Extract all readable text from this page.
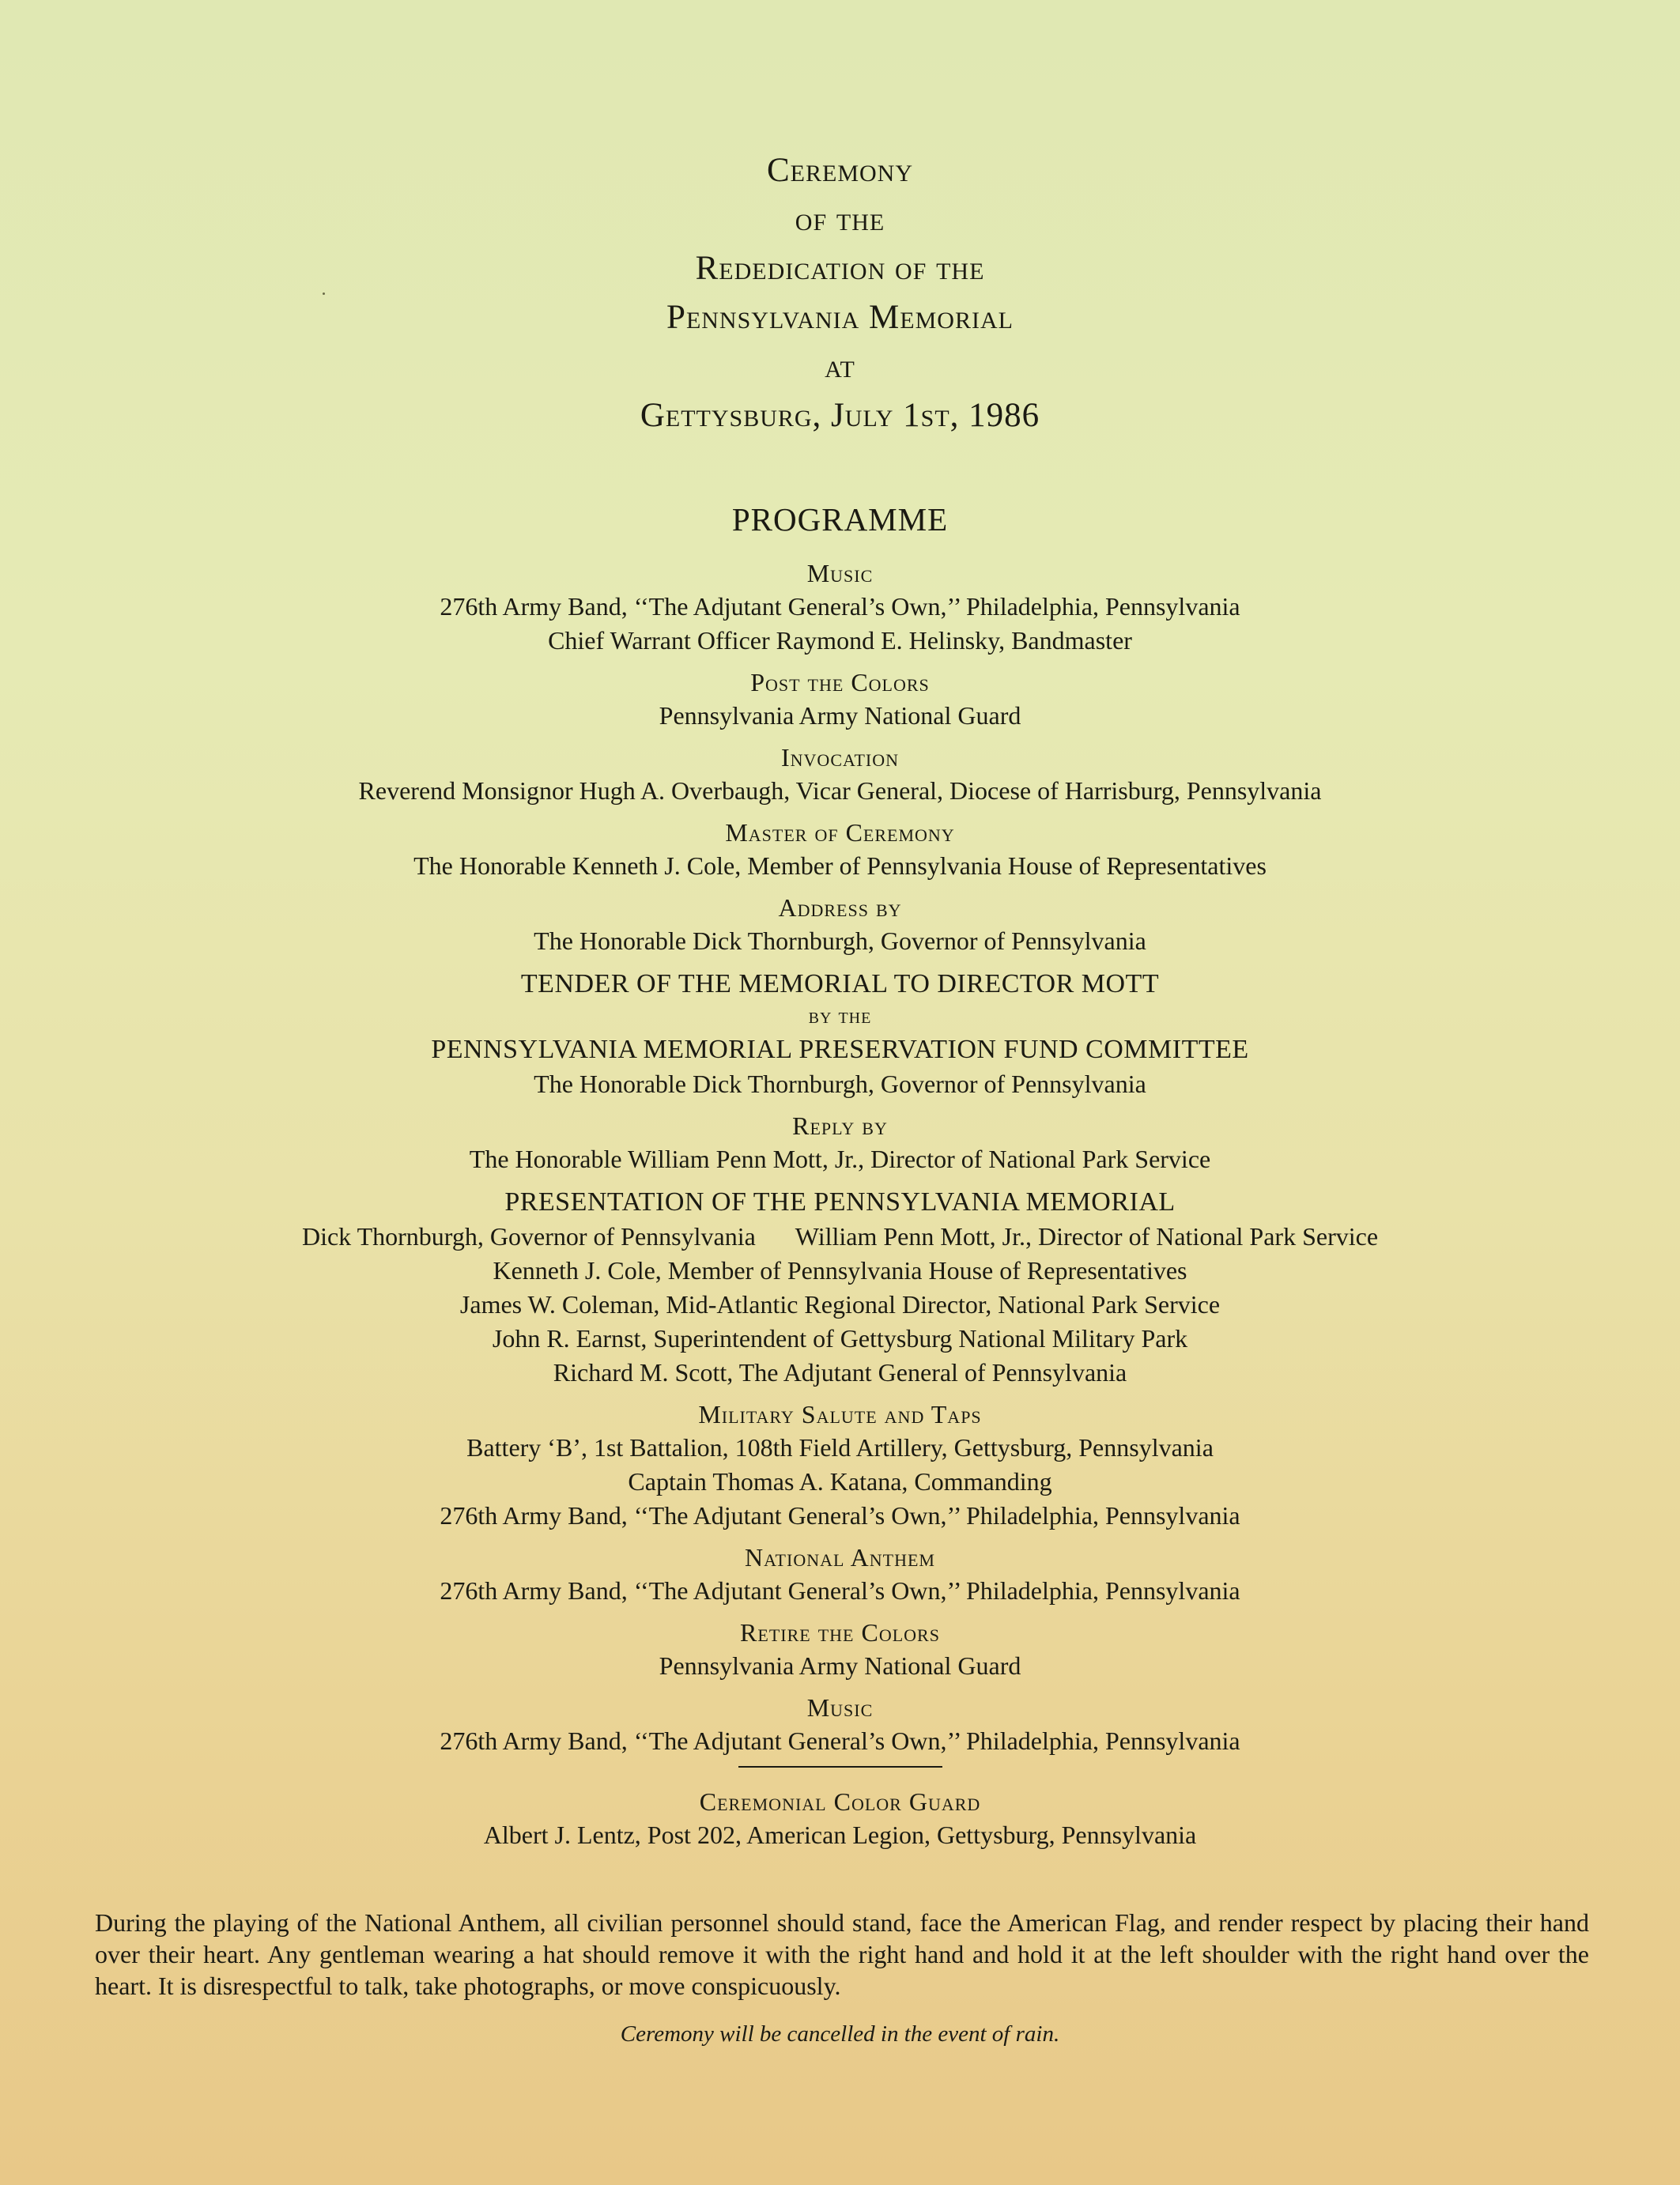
Ceremony
of the
Rededication of the
Pennsylvania Memorial
at
Gettysburg, July 1st, 1986
PROGRAMME
Music
276th Army Band, ‘‘The Adjutant General’s Own,’’ Philadelphia, Pennsylvania
Chief Warrant Officer Raymond E. Helinsky, Bandmaster
Post the Colors
Pennsylvania Army National Guard
Invocation
Reverend Monsignor Hugh A. Overbaugh, Vicar General, Diocese of Harrisburg, Pennsylvania
Master of Ceremony
The Honorable Kenneth J. Cole, Member of Pennsylvania House of Representatives
Address by
The Honorable Dick Thornburgh, Governor of Pennsylvania
TENDER OF THE MEMORIAL TO DIRECTOR MOTT
by the
PENNSYLVANIA MEMORIAL PRESERVATION FUND COMMITTEE
The Honorable Dick Thornburgh, Governor of Pennsylvania
Reply by
The Honorable William Penn Mott, Jr., Director of National Park Service
PRESENTATION OF THE PENNSYLVANIA MEMORIAL
Dick Thornburgh, Governor of Pennsylvania William Penn Mott, Jr., Director of National Park Service
Kenneth J. Cole, Member of Pennsylvania House of Representatives
James W. Coleman, Mid-Atlantic Regional Director, National Park Service
John R. Earnst, Superintendent of Gettysburg National Military Park
Richard M. Scott, The Adjutant General of Pennsylvania
Military Salute and Taps
Battery ‘B’, 1st Battalion, 108th Field Artillery, Gettysburg, Pennsylvania
Captain Thomas A. Katana, Commanding
276th Army Band, ‘‘The Adjutant General’s Own,’’ Philadelphia, Pennsylvania
National Anthem
276th Army Band, ‘‘The Adjutant General’s Own,’’ Philadelphia, Pennsylvania
Retire the Colors
Pennsylvania Army National Guard
Music
276th Army Band, ‘‘The Adjutant General’s Own,’’ Philadelphia, Pennsylvania
Ceremonial Color Guard
Albert J. Lentz, Post 202, American Legion, Gettysburg, Pennsylvania
During the playing of the National Anthem, all civilian personnel should stand, face the American Flag, and render respect by placing their hand over their heart. Any gentleman wearing a hat should remove it with the right hand and hold it at the left shoulder with the right hand over the heart. It is disrespectful to talk, take photographs, or move conspicuously.
Ceremony will be cancelled in the event of rain.
